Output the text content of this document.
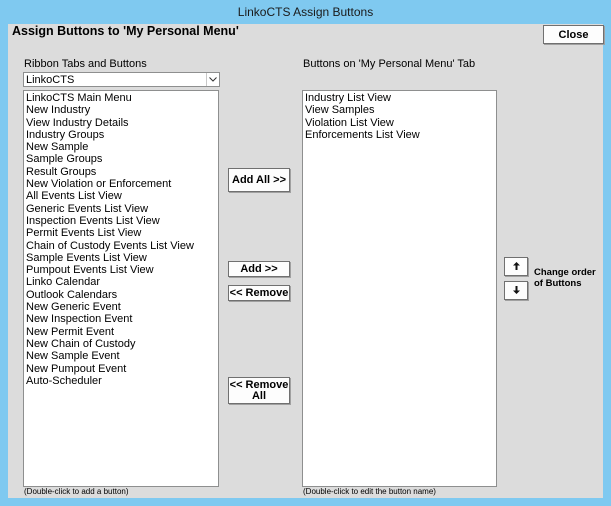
LinkoCTS Assign Buttons
Assign Buttons to 'My Personal Menu'	Close
Ribbon Tabs and Buttons
LinkoCTS
LinkoCTS Main Menu
New Industry
View Industry Details
Industry Groups
New Sample
Sample Groups
Result Groups
New Violation or Enforcement
All Events List View
Generic Events List View
Inspection Events List View
Permit Events List View
Chain of Custody Events List View
Sample Events List View
Pumpout Events List View
Linko Calendar
Outlook Calendars
New Generic Event
New Inspection Event
New Permit Event
New Chain of Custody
New Sample Event
New Pumpout Event
Auto-Scheduler
(Double-click to add a button)
Add All >>
Add >>
<< Remove
<< Remove
All
Buttons on 'My Personal Menu' Tab
Industry List View
View Samples
Violation List View
Enforcements List View
(Double-click to edit the button name)
Change order
of Buttons
